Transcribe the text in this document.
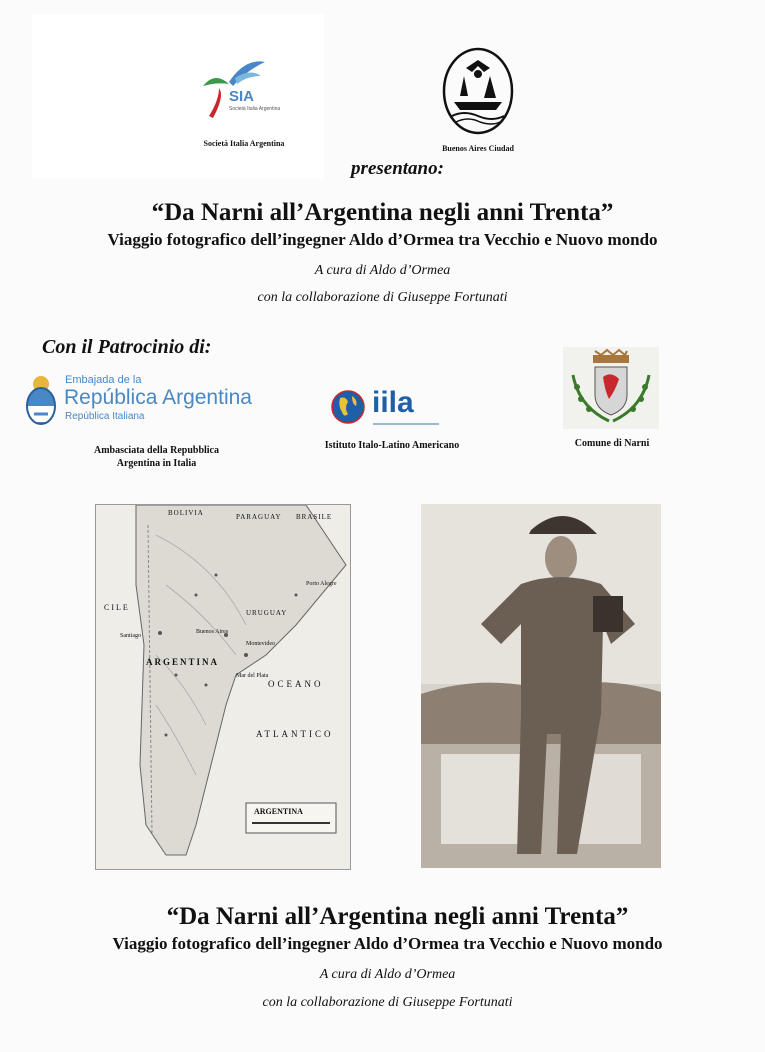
SIA
Società Italia Argentina
Società Italia Argentina
Buenos Aires Ciudad
presentano:
“Da Narni all’Argentina negli anni Trenta”
Viaggio fotografico dell’ingegner Aldo d’Ormea tra Vecchio e Nuovo mondo
A cura di Aldo d’Ormea
con la collaborazione di Giuseppe Fortunati
Con il Patrocinio di:
Embajada de la
República Argentina
República Italiana
Ambasciata della Repubblica
Argentina in Italia
iila
Istituto Italo-Latino Americano	Comune di Narni
BOLIVIA	PARAGUAY BRASILE
URUGUAY
Buenos Aires
Montevideo
Santiago
Porto Alegre
Mar del Plata
CILE
ARGENTINA
OCEANO
ATLANTICO
ARGENTINA
“Da Narni all’Argentina negli anni Trenta”
Viaggio fotografico dell’ingegner Aldo d’Ormea tra Vecchio e Nuovo mondo
A cura di Aldo d’Ormea
con la collaborazione di Giuseppe Fortunati
